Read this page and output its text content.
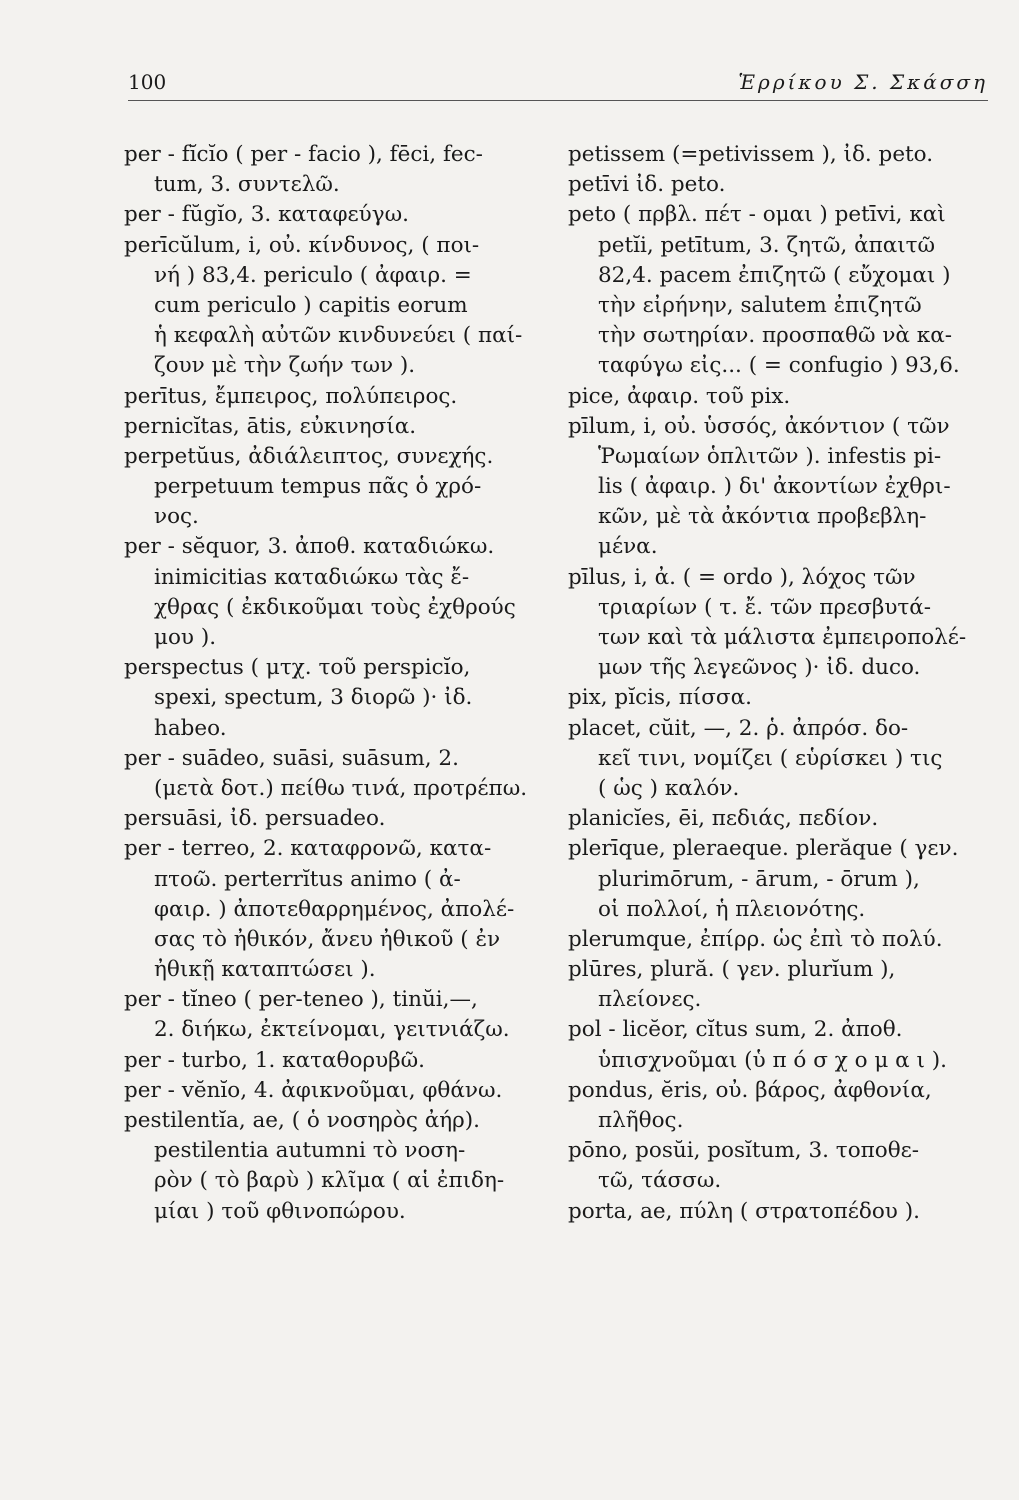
100	Ἑρρίκου Σ. Σκάσση
per - fĭcĭo ( per - facio ), fēci, fec-
tum, 3. συντελῶ.
per - fŭgĭo, 3. καταφεύγω.
perīcŭlum, i, οὐ. κίνδυνος, ( ποι-
νή ) 83,4. periculo ( ἀφαιρ. =
cum periculo ) capitis eorum
ἡ κεφαλὴ αὐτῶν κινδυνεύει ( παί-
ζουν μὲ τὴν ζωήν των ).
perītus, ἔμπειρος, πολύπειρος.
pernicĭtas, ātis, εὐκινησία.
perpetŭus, ἀδιάλειπτος, συνεχής.
perpetuum tempus πᾶς ὁ χρό-
νος.
per - sĕquor, 3. ἀποθ. καταδιώκω.
inimicitias καταδιώκω τὰς ἔ-
χθρας ( ἐκδικοῦμαι τοὺς ἐχθρούς
μου ).
perspectus ( μτχ. τοῦ perspicĭo,
spexi, spectum, 3 διορῶ )· ἰδ.
habeo.
per - suādeo, suāsi, suāsum, 2.
(μετὰ δοτ.) πείθω τινά, προτρέπω.
persuāsi, ἰδ. persuadeo.
per - terreo, 2. καταφρονῶ, κατα-
πτοῶ. perterrĭtus animo ( ἀ-
φαιρ. ) ἀποτεθαρρημένος, ἀπολέ-
σας τὸ ἠθικόν, ἄνευ ἠθικοῦ ( ἐν
ἠθικῇ καταπτώσει ).
per - tĭneo ( per-teneo ), tinŭi,—,
2. διήκω, ἐκτείνομαι, γειτνιάζω.
per - turbo, 1. καταθορυβῶ.
per - vĕnĭo, 4. ἀφικνοῦμαι, φθάνω.
pestilentĭa, ae, ( ὁ νοσηρὸς ἀήρ).
pestilentia autumni τὸ νοση-
ρὸν ( τὸ βαρὺ ) κλῖμα ( αἱ ἐπιδη-
μίαι ) τοῦ φθινοπώρου.
petissem (=petivissem ), ἰδ. peto.
petīvi ἰδ. peto.
peto ( πρβλ. πέτ - ομαι ) petīvi, καὶ
petĭi, petītum, 3. ζητῶ, ἀπαιτῶ
82,4. pacem ἐπιζητῶ ( εὔχομαι )
τὴν εἰρήνην, salutem ἐπιζητῶ
τὴν σωτηρίαν. προσπαθῶ νὰ κα-
ταφύγω εἰς... ( = confugio ) 93,6.
pice, ἀφαιρ. τοῦ pix.
pīlum, i, οὐ. ὑσσός, ἀκόντιον ( τῶν
Ῥωμαίων ὁπλιτῶν ). infestis pi-
lis ( ἀφαιρ. ) δι' ἀκοντίων ἐχθρι-
κῶν, μὲ τὰ ἀκόντια προβεβλη-
μένα.
pīlus, i, ἀ. ( = ordo ), λόχος τῶν
τριαρίων ( τ. ἔ. τῶν πρεσβυτά-
των καὶ τὰ μάλιστα ἐμπειροπολέ-
μων τῆς λεγεῶνος )· ἰδ. duco.
pix, pĭcis, πίσσα.
placet, cŭit, —, 2. ῥ. ἀπρόσ. δο-
κεῖ τινι, νομίζει ( εὑρίσκει ) τις
( ὡς ) καλόν.
planicĭes, ēi, πεδιάς, πεδίον.
plerīque, pleraeque. plerăque ( γεν.
plurimōrum, - ārum, - ōrum ),
οἱ πολλοί, ἡ πλειονότης.
plerumque, ἐπίρρ. ὡς ἐπὶ τὸ πολύ.
plūres, plură. ( γεν. plurĭum ),
πλείονες.
pol - licĕor, cĭtus sum, 2. ἀποθ.
ὑπισχνοῦμαι (ὑ π ό σ χ ο μ α ι ).
pondus, ĕris, οὐ. βάρος, ἀφθονία,
πλῆθος.
pōno, posŭi, posĭtum, 3. τοποθε-
τῶ, τάσσω.
porta, ae, πύλη ( στρατοπέδου ).
